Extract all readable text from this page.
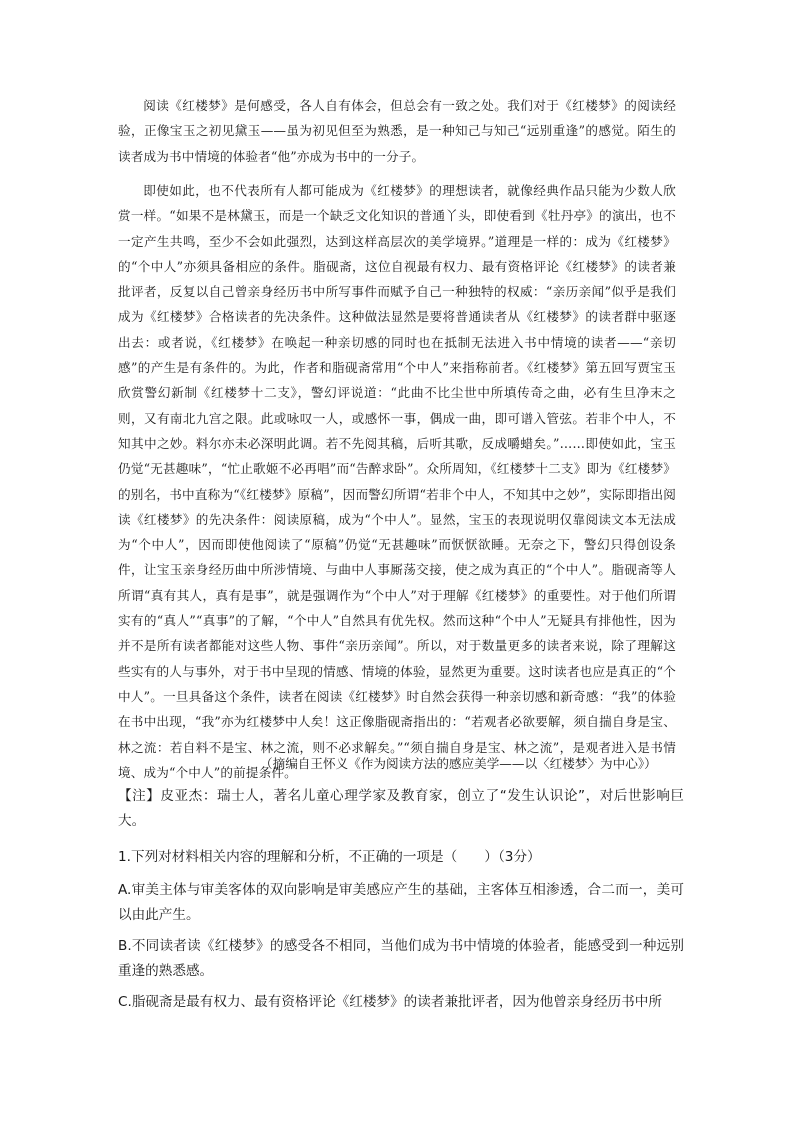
阅读《红楼梦》是何感受，各人自有体会，但总会有一致之处。我们对于《红楼梦》的阅读经验，正像宝玉之初见黛玉——虽为初见但至为熟悉，是一种知己与知己“远别重逢”的感觉。陌生的读者成为书中情境的体验者“他”亦成为书中的一分子。

即使如此，也不代表所有人都可能成为《红楼梦》的理想读者，就像经典作品只能为少数人欣赏一样。“如果不是林黛玉，而是一个缺乏文化知识的普通丫头，即使看到《牡丹亭》的演出，也不一定产生共鸣，至少不会如此强烈，达到这样高层次的美学境界。”道理是一样的：成为《红楼梦》的“个中人”亦须具备相应的条件。脂砚斋，这位自视最有权力、最有资格评论《红楼梦》的读者兼批评者，反复以自己曾亲身经历书中所写事件而赋予自己一种独特的权威：“亲历亲闻”似乎是我们成为《红楼梦》合格读者的先决条件。这种做法显然是要将普通读者从《红楼梦》的读者群中驱逐出去：或者说，《红楼梦》在唤起一种亲切感的同时也在抵制无法进入书中情境的读者——“亲切感”的产生是有条件的。为此，作者和脂砚斋常用“个中人”来指称前者。《红楼梦》第五回写贾宝玉欣赏警幻新制《红楼梦十二支》，警幻评说道：“此曲不比尘世中所填传奇之曲，必有生旦净末之则，又有南北九宫之限。此或咏叹一人，或感怀一事，偶成一曲，即可谱入管弦。若非个中人，不知其中之妙。料尔亦未必深明此调。若不先阅其稿，后听其歌，反成嚼蜡矣。”……即使如此，宝玉仍觉“无甚趣味”，“忙止歌姬不必再唱”而“告醉求卧”。众所周知，《红楼梦十二支》即为《红楼梦》的别名，书中直称为“《红楼梦》原稿”，因而警幻所谓“若非个中人，不知其中之妙”，实际即指出阅读《红楼梦》的先决条件：阅读原稿，成为“个中人”。显然，宝玉的表现说明仅靠阅读文本无法成为“个中人”，因而即使他阅读了“原稿”仍觉“无甚趣味”而恹恹欲睡。无奈之下，警幻只得创设条件，让宝玉亲身经历曲中所涉情境、与曲中人事厮荡交接，使之成为真正的“个中人”。脂砚斋等人所谓“真有其人，真有是事”，就是强调作为“个中人”对于理解《红楼梦》的重要性。对于他们所谓实有的“真人”“真事”的了解，“个中人”自然具有优先权。然而这种“个中人”无疑具有排他性，因为并不是所有读者都能对这些人物、事件“亲历亲闻”。所以，对于数量更多的读者来说，除了理解这些实有的人与事外，对于书中呈现的情感、情境的体验，显然更为重要。这时读者也应是真正的“个中人”。一旦具备这个条件，读者在阅读《红楼梦》时自然会获得一种亲切感和新奇感：“我”的体验在书中出现，“我”亦为红楼梦中人矣！这正像脂砚斋指出的：“若观者必欲要解，须自揣自身是宝、林之流：若自料不是宝、林之流，则不必求解矣。”“须自揣自身是宝、林之流”，是观者进入是书情境、成为“个中人”的前提条件。

（摘编自王怀义《作为阅读方法的感应美学——以〈红楼梦〉为中心》）

【注】皮亚杰：瑞士人，著名儿童心理学家及教育家，创立了“发生认识论”，对后世影响巨大。

1.下列对材料相关内容的理解和分析，不正确的一项是（　　）（3分）

A.审美主体与审美客体的双向影响是审美感应产生的基础，主客体互相渗透，合二而一，美可以由此产生。

B.不同读者读《红楼梦》的感受各不相同，当他们成为书中情境的体验者，能感受到一种远别重逢的熟悉感。

C.脂砚斋是最有权力、最有资格评论《红楼梦》的读者兼批评者，因为他曾亲身经历书中所
